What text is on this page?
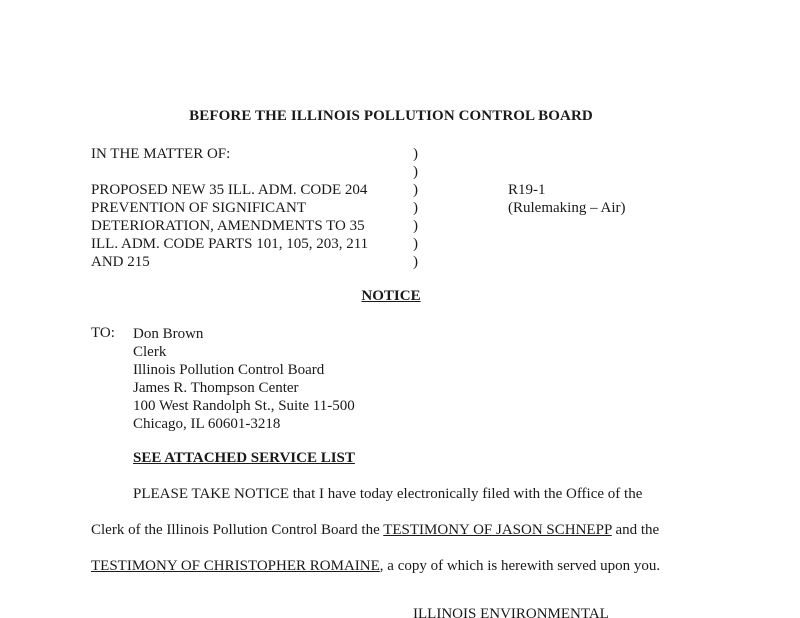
BEFORE THE ILLINOIS POLLUTION CONTROL BOARD
IN THE MATTER OF:

PROPOSED NEW 35 ILL. ADM. CODE 204
PREVENTION OF SIGNIFICANT
DETERIORATION, AMENDMENTS TO 35
ILL. ADM. CODE PARTS 101, 105, 203, 211
AND 215
)
)
)
)
)
)
)
R19-1
(Rulemaking – Air)
NOTICE
TO: Don Brown
Clerk
Illinois Pollution Control Board
James R. Thompson Center
100 West Randolph St., Suite 11-500
Chicago, IL 60601-3218
SEE ATTACHED SERVICE LIST
PLEASE TAKE NOTICE that I have today electronically filed with the Office of the
Clerk of the Illinois Pollution Control Board the TESTIMONY OF JASON SCHNEPP and the
TESTIMONY OF CHRISTOPHER ROMAINE, a copy of which is herewith served upon you.
ILLINOIS ENVIRONMENTAL
